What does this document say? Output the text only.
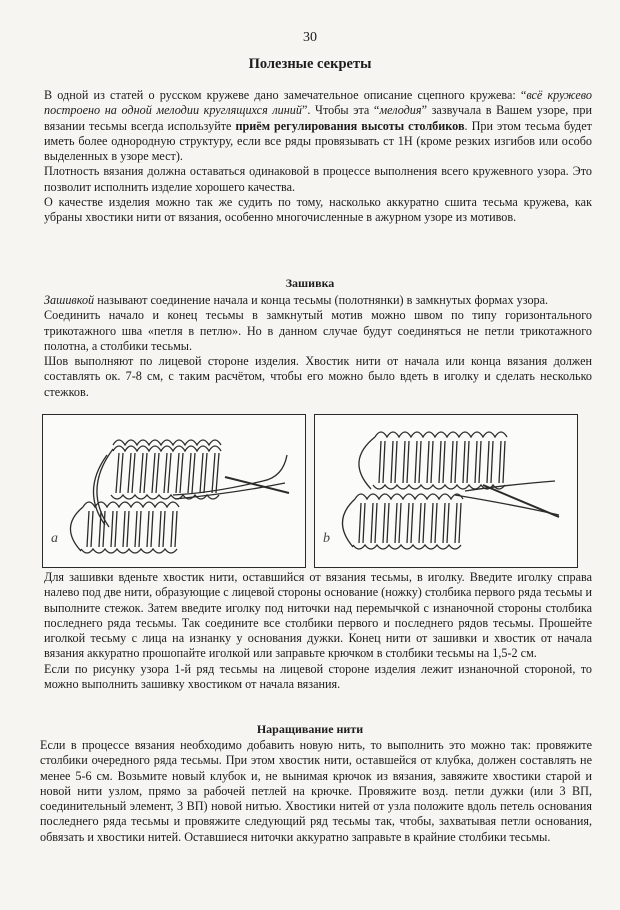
30
Полезные секреты

В одной из статей о русском кружеве дано замечательное описание сцепного кружева: “всё кружево построено на одной мелодии круглящихся линий”. Чтобы эта “мелодия” зазвучала в Вашем узоре, при вязании тесьмы всегда используйте приём регулирования высоты столбиков. При этом тесьма будет иметь более однородную структуру, если все ряды провязывать ст 1Н (кроме резких изгибов или особо выделенных в узоре мест).

Плотность вязания должна оставаться одинаковой в процессе выполнения всего кружевного узора. Это позволит исполнить изделие хорошего качества.

О качестве изделия можно так же судить по тому, насколько аккуратно сшита тесьма кружева, как убраны хвостики нити от вязания, особенно многочисленные в ажурном узоре из мотивов.

Зашивка

Зашивкой называют соединение начала и конца тесьмы (полотнянки) в замкнутых формах узора.

Соединить начало и конец тесьмы в замкнутый мотив можно швом по типу горизонтального трикотажного шва «петля в петлю». Но в данном случае будут соединяться не петли трикотажного полотна, а столбики тесьмы.

Шов выполняют по лицевой стороне изделия. Хвостик нити от начала или конца вязания должен составлять ок. 7-8 см, с таким расчётом, чтобы его можно было вдеть в иголку и сделать несколько стежков.

a	b

Для зашивки вденьте хвостик нити, оставшийся от вязания тесьмы, в иголку. Введите иголку справа налево под две нити, образующие с лицевой стороны основание (ножку) столбика первого ряда тесьмы и выполните стежок. Затем введите иголку под ниточки над перемычкой с изнаночной стороны столбика последнего ряда тесьмы. Так соедините все столбики первого и последнего рядов тесьмы. Прошейте иголкой тесьму с лица на изнанку у основания дужки. Конец нити от зашивки и хвостик от начала вязания аккуратно прошопайте иголкой или заправьте крючком в столбики тесьмы на 1,5-2 см.

Если по рисунку узора 1-й ряд тесьмы на лицевой стороне изделия лежит изнаночной стороной, то можно выполнить зашивку хвостиком от начала вязания.

Наращивание нити

Если в процессе вязания необходимо добавить новую нить, то выполнить это можно так: провяжите столбики очередного ряда тесьмы. При этом хвостик нити, оставшейся от клубка, должен составлять не менее 5-6 см. Возьмите новый клубок и, не вынимая крючок из вязания, завяжите хвостики старой и новой нити узлом, прямо за рабочей петлей на крючке. Провяжите возд. петли дужки (или 3 ВП, соединительный элемент, 3 ВП) новой нитью. Хвостики нитей от узла положите вдоль петель основания последнего ряда тесьмы и провяжите следующий ряд тесьмы так, чтобы, захватывая петли основания, обвязать и хвостики нитей. Оставшиеся ниточки аккуратно заправьте в крайние столбики тесьмы.
